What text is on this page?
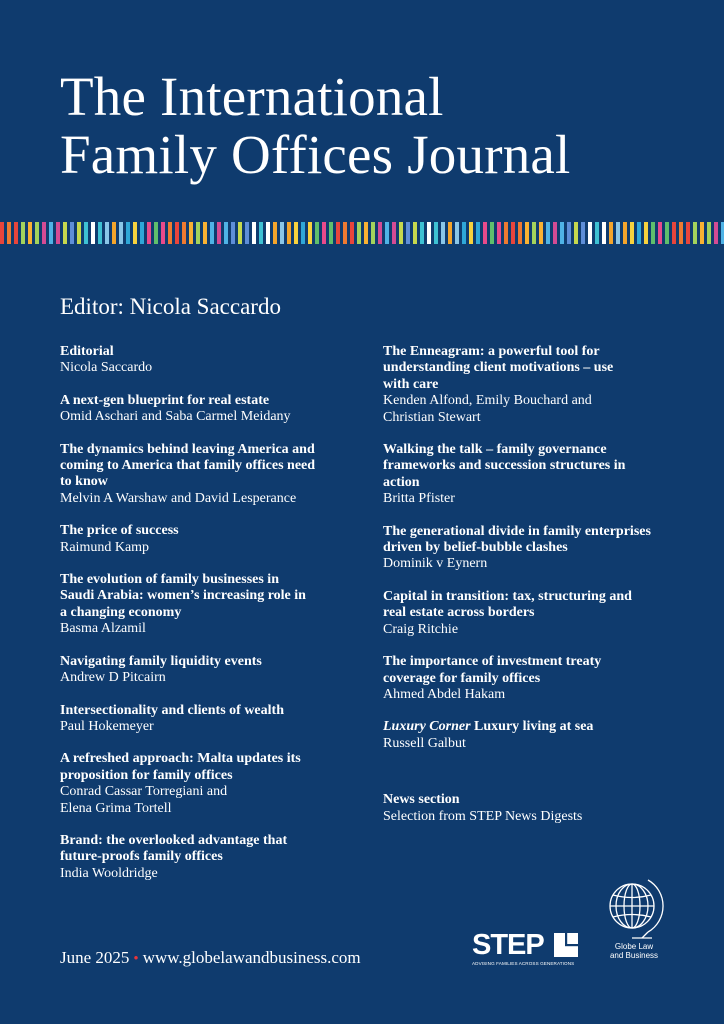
The International
Family Offices Journal
Editor: Nicola Saccardo
Editorial
Nicola Saccardo
A next-gen blueprint for real estate
Omid Aschari and Saba Carmel Meidany
The dynamics behind leaving America and coming to America that family offices need to know
Melvin A Warshaw and David Lesperance
The price of success
Raimund Kamp
The evolution of family businesses in Saudi Arabia: women’s increasing role in a changing economy
Basma Alzamil
Navigating family liquidity events
Andrew D Pitcairn
Intersectionality and clients of wealth
Paul Hokemeyer
A refreshed approach: Malta updates its proposition for family offices
Conrad Cassar Torregiani and Elena Grima Tortell
Brand: the overlooked advantage that future-proofs family offices
India Wooldridge
The Enneagram: a powerful tool for understanding client motivations – use with care
Kenden Alfond, Emily Bouchard and Christian Stewart
Walking the talk – family governance frameworks and succession structures in action
Britta Pfister
The generational divide in family enterprises driven by belief-bubble clashes
Dominik v Eynern
Capital in transition: tax, structuring and real estate across borders
Craig Ritchie
The importance of investment treaty coverage for family offices
Ahmed Abdel Hakam
Luxury Corner Luxury living at sea
Russell Galbut
News section
Selection from STEP News Digests
June 2025 • www.globelawandbusiness.com	STEP
ADVISING FAMILIES ACROSS GENERATIONS
Globe Law
and Business
